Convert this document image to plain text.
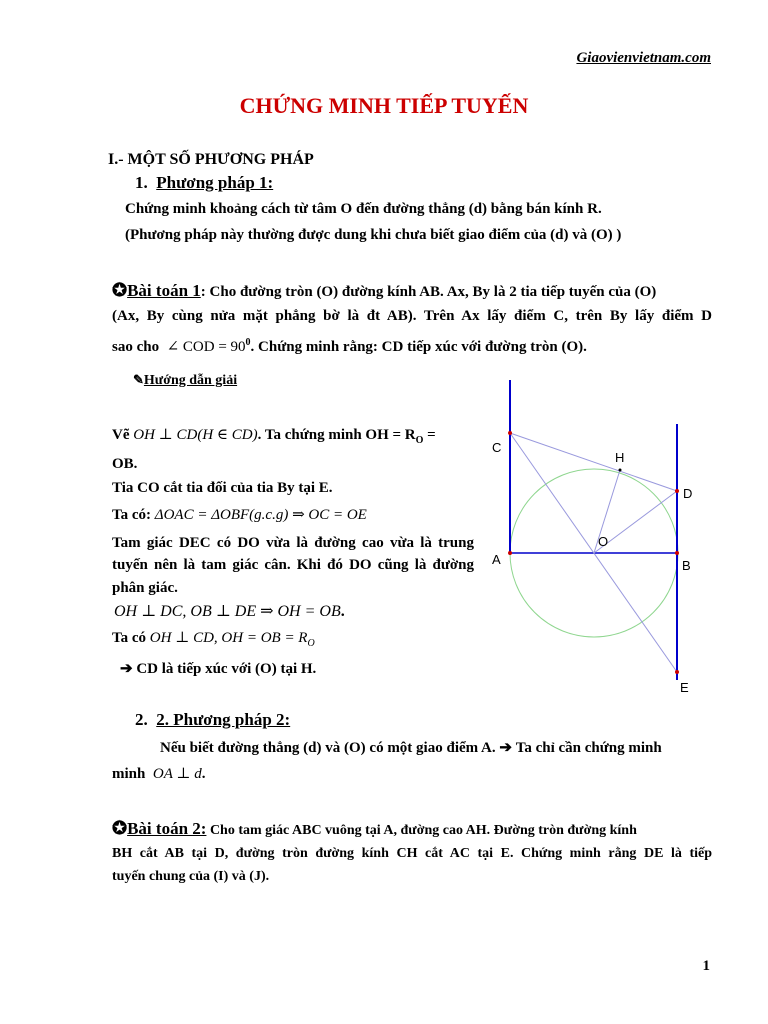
Giaovienvietnam.com
CHỨNG MINH TIẾP TUYẾN
I.- MỘT SỐ PHƯƠNG PHÁP
1. Phương pháp 1:
Chứng minh khoảng cách từ tâm O đến đường thẳng (d) bằng bán kính R.
(Phương pháp này thường được dung khi chưa biết giao điểm của (d) và (O) )
✪Bài toán 1: Cho đường tròn (O) đường kính AB. Ax, By là 2 tia tiếp tuyến của (O)
(Ax, By cùng nửa mặt phẳng bờ là đt AB). Trên Ax lấy điểm C, trên By lấy điểm D
sao cho ∠ COD = $90^0$. Chứng minh rằng: CD tiếp xúc với đường tròn (O).
✎Hướng dẫn giải
Vẽ OH ⊥ CD(H ∈ CD). Ta chứng minh OH = $R_O$ =
OB.
Tia CO cắt tia đối của tia By tại E.
Ta có: ΔOAC = ΔOBF(g.c.g) ⇒ OC = OE
Tam giác DEC có DO vừa là đường cao vừa là trung
tuyến nên là tam giác cân. Khi đó DO cũng là đường
phân giác.
OH ⊥ DC, OB ⊥ DE ⇒ OH = OB.
Ta có OH ⊥ CD, OH = OB = $R_O$
➔ CD là tiếp xúc với (O) tại H.
C
H
D
O
A	B
E
2. 2. Phương pháp 2:
Nếu biết đường thẳng (d) và (O) có một giao điểm A. ➔ Ta chỉ cần chứng minh
minh OA ⊥ d.
✪Bài toán 2: Cho tam giác ABC vuông tại A, đường cao AH. Đường tròn đường kính
BH cắt AB tại D, đường tròn đường kính CH cắt AC tại E. Chứng minh rằng DE là tiếp
tuyến chung của (I) và (J).
1
